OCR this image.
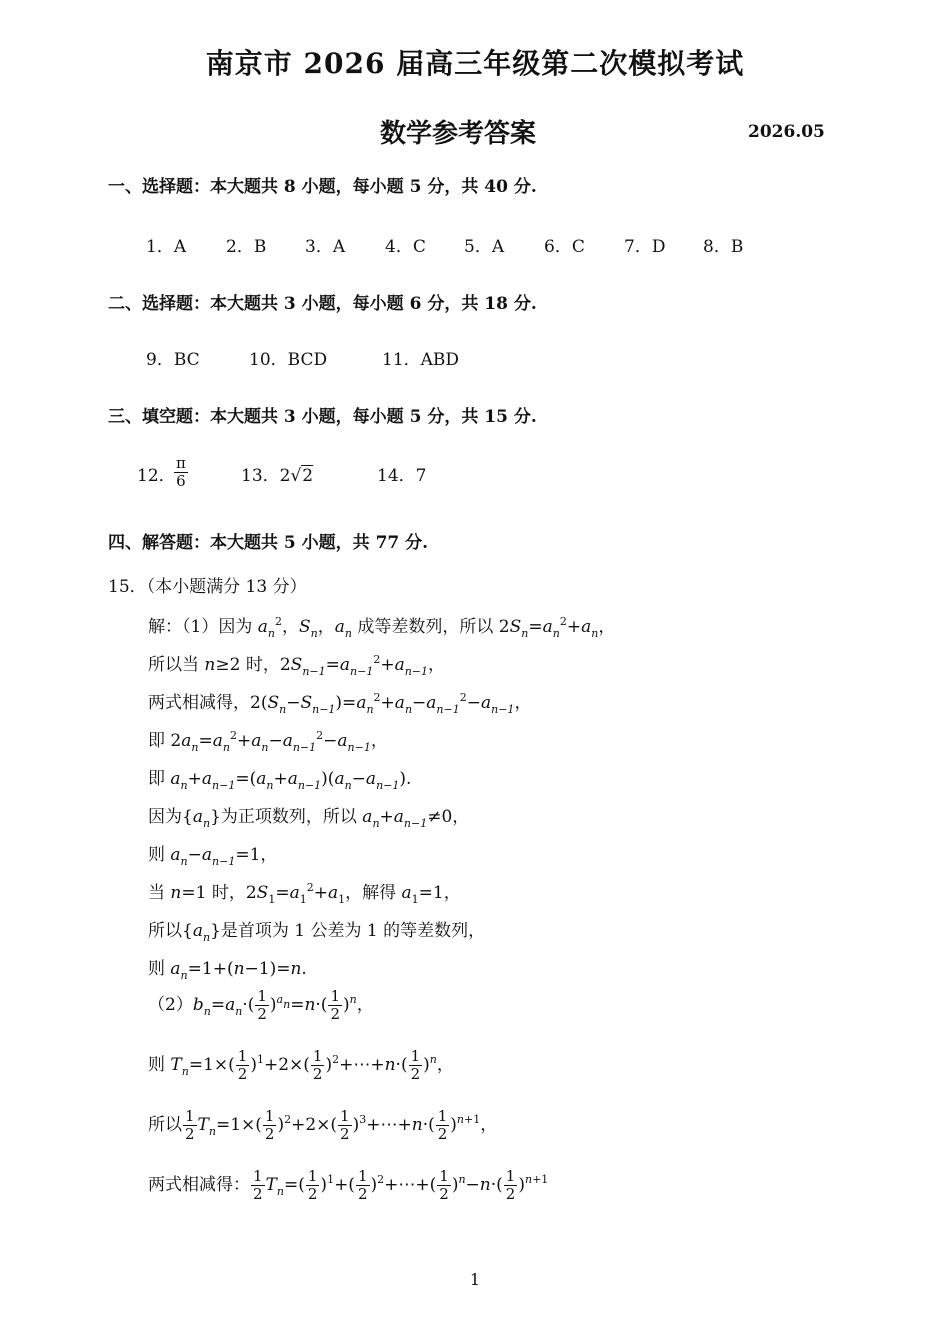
南京市 2026 届高三年级第二次模拟考试
数学参考答案	2026.05
一、选择题：本大题共 8 小题，每小题 5 分，共 40 分.
1．A 2．B 3．A 4．C 5．A 6．C 7．D 8．B
二、选择题：本大题共 3 小题，每小题 6 分，共 18 分.
9．BC	10．BCD	11．ABD
三、填空题：本大题共 3 小题，每小题 5 分，共 15 分.
12．
$\frac{\pi}{6}$	13．2√2	14．7
四、解答题：本大题共 5 小题，共 77 分.
15．（本小题满分 13 分）
解：（1）因为 $a_n^2$，$S_n$，$a_n$ 成等差数列，所以 $2S_n=a_n^2+a_n$，
所以当 n≥2 时，$2S_{n-1}=a_{n-1}^2+a_{n-1}$，
两式相减得，$2(S_n-S_{n-1})=a_n^2+a_n-a_{n-1}^2-a_{n-1}$，
即 $2a_n=a_n^2+a_n-a_{n-1}^2-a_{n-1}$，
即 $a_n+a_{n-1}=(a_n+a_{n-1})(a_n-a_{n-1})$.
因为$\{a_n\}$为正项数列，所以 $a_n+a_{n-1}\ne 0$，
则 $a_n-a_{n-1}=1$，
当 n=1 时，$2S_1=a_1^2+a_1$，解得 $a_1=1$，
所以$\{a_n\}$是首项为 1 公差为 1 的等差数列，
则 $a_n=1+(n-1)=n$.
$(2)b_n=a_n\cdot( \frac{1}{2} )^{a_n}=n\cdot( \frac{1}{2} )^n$，
则 $T_n=1\times( \frac{1}{2} )^1+2\times( \frac{1}{2}$ )$^2+\cdots+n\cdot( \frac{1}{2} )^n$，
所以 $\frac{1}{2} T_n=1\times( \frac{1}{2} )^2+2\times( \frac{1}{2}$ )$^3+\cdots+n\cdot( \frac{1}{2} )^{n+1}$，
两式相减得： $\frac{1}{2} T_n=( \frac{1}{2} )^1+( \frac{1}{2}$ )$^2+\cdots+( \frac{1}{2} )^n-n\cdot( \frac{1}{2} )^{n+1}$
1
